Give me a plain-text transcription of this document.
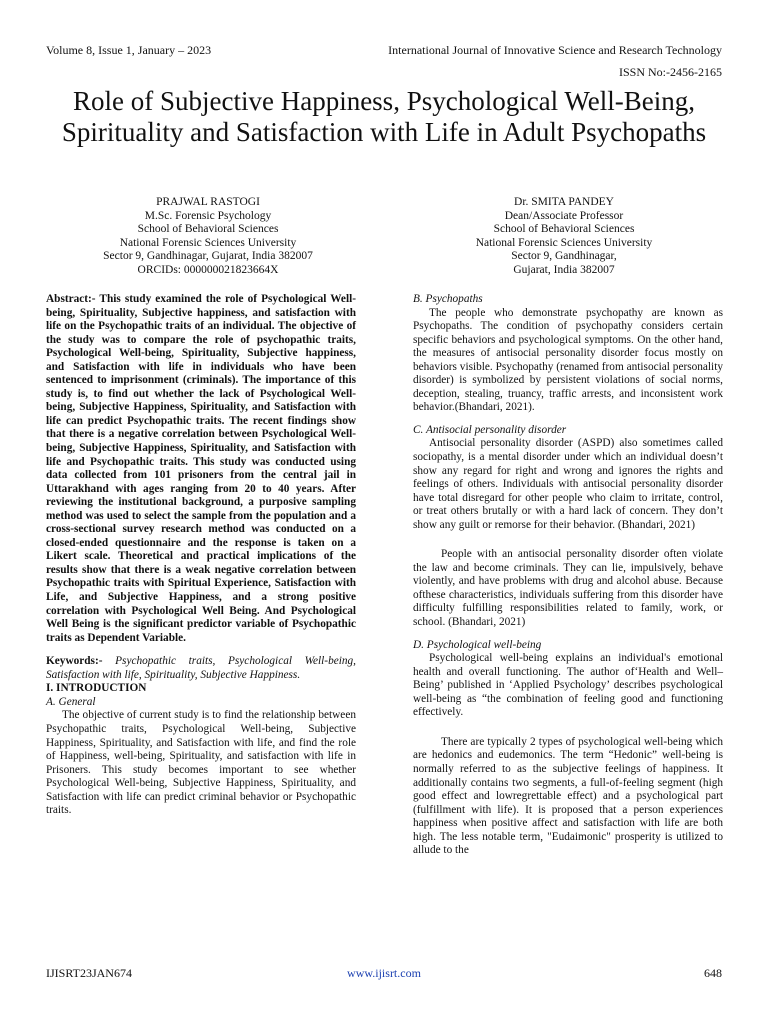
Volume 8, Issue 1, January – 2023	International Journal of Innovative Science and Research Technology
ISSN No:-2456-2165
Role of Subjective Happiness, Psychological Well-Being, Spirituality and Satisfaction with Life in Adult Psychopaths
PRAJWAL RASTOGI
M.Sc. Forensic Psychology
School of Behavioral Sciences
National Forensic Sciences University
Sector 9, Gandhinagar, Gujarat, India 382007
ORCIDs: 000000021823664X
Dr. SMITA PANDEY
Dean/Associate Professor
School of Behavioral Sciences
National Forensic Sciences University
Sector 9, Gandhinagar,
Gujarat, India 382007

Abstract:- This study examined the role of Psychological Well-being, Spirituality, Subjective happiness, and satisfaction with life on the Psychopathic traits of an individual. The objective of the study was to compare the role of psychopathic traits, Psychological Well-being, Spirituality, Subjective happiness, and Satisfaction with life in individuals who have been sentenced to imprisonment (criminals). The importance of this study is, to find out whether the lack of Psychological Well-being, Subjective Happiness, Spirituality, and Satisfaction with life can predict Psychopathic traits. The recent findings show that there is a negative correlation between Psychological Well-being, Subjective Happiness, Spirituality, and Satisfaction with life and Psychopathic traits. This study was conducted using data collected from 101 prisoners from the central jail in Uttarakhand with ages ranging from 20 to 40 years. After reviewing the institutional background, a purposive sampling method was used to select the sample from the population and a cross-sectional survey research method was conducted on a closed-ended questionnaire and the response is taken on a Likert scale. Theoretical and practical implications of the results show that there is a weak negative correlation between Psychopathic traits with Spiritual Experience, Satisfaction with Life, and Subjective Happiness, and a strong positive correlation with Psychological Well Being. And Psychological Well Being is the significant predictor variable of Psychopathic traits as Dependent Variable.

Keywords:- Psychopathic traits, Psychological Well-being, Satisfaction with life, Spirituality, Subjective Happiness.

I. INTRODUCTION

A. General

The objective of current study is to find the relationship between Psychopathic traits, Psychological Well-being, Subjective Happiness, Spirituality, and Satisfaction with life, and find the role of Happiness, well-being, Spirituality, and satisfaction with life in Prisoners. This study becomes important to see whether Psychological Well-being, Subjective Happiness, Spirituality, and Satisfaction with life can predict criminal behavior or Psychopathic traits.

B. Psychopaths

The people who demonstrate psychopathy are known as Psychopaths. The condition of psychopathy considers certain specific behaviors and psychological symptoms. On the other hand, the measures of antisocial personality disorder focus mostly on behaviors visible. Psychopathy (renamed from antisocial personality disorder) is symbolized by persistent violations of social norms, deception, stealing, truancy, traffic arrests, and inconsistent work behavior.(Bhandari, 2021).

C. Antisocial personality disorder

Antisocial personality disorder (ASPD) also sometimes called sociopathy, is a mental disorder under which an individual doesn’t show any regard for right and wrong and ignores the rights and feelings of others. Individuals with antisocial personality disorder have total disregard for other people who claim to irritate, control, or treat others brutally or with a hard lack of concern. They don’t show any guilt or remorse for their behavior. (Bhandari, 2021)

People with an antisocial personality disorder often violate the law and become criminals. They can lie, impulsively, behave violently, and have problems with drug and alcohol abuse. Because ofthese characteristics, individuals suffering from this disorder have difficulty fulfilling responsibilities related to family, work, or school. (Bhandari, 2021)

D. Psychological well-being

Psychological well-being explains an individual's emotional health and overall functioning. The author of‘Health and Well–Being’ published in ‘Applied Psychology’ describes psychological well-being as “the combination of feeling good and functioning effectively.

There are typically 2 types of psychological well-being which are hedonics and eudemonics. The term “Hedonic” well-being is normally referred to as the subjective feelings of happiness. It additionally contains two segments, a full-of-feeling segment (high good effect and lowregrettable effect) and a psychological part (fulfillment with life). It is proposed that a person experiences happiness when positive affect and satisfaction with life are both high. The less notable term, "Eudaimonic" prosperity is utilized to allude to the

IJISRT23JAN674	www.ijisrt.com	648
